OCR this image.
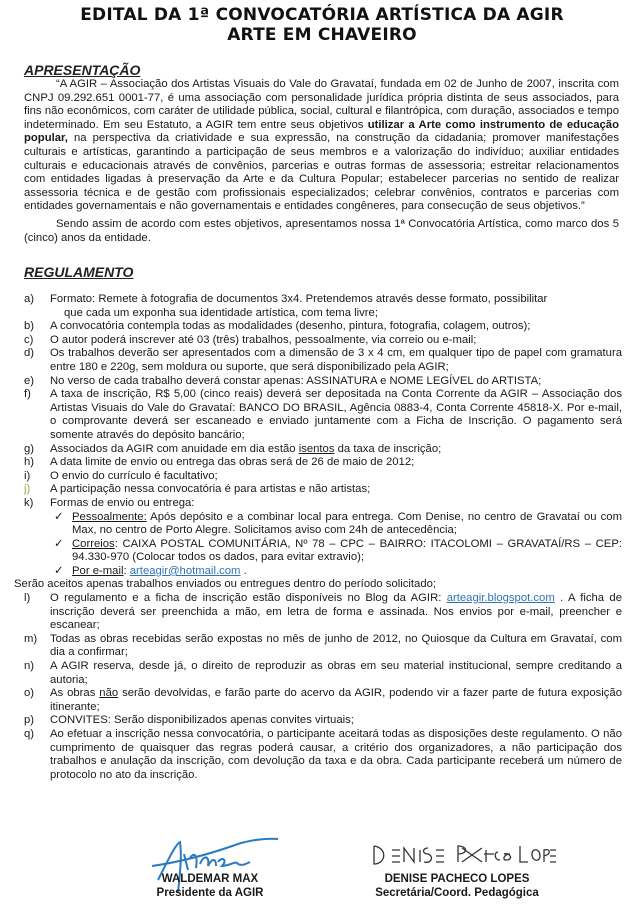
EDITAL DA 1ª CONVOCATÓRIA ARTÍSTICA DA AGIR
ARTE EM CHAVEIRO
APRESENTAÇÃO
“A AGIR – Associação dos Artistas Visuais do Vale do Gravataí, fundada em 02 de Junho de 2007, inscrita com CNPJ 09.292.651 0001-77, é uma associação com personalidade jurídica própria distinta de seus associados, para fins não econômicos, com caráter de utilidade pública, social, cultural e filantrópica, com duração, associados e tempo indeterminado. Em seu Estatuto, a AGIR tem entre seus objetivos utilizar a Arte como instrumento de educação popular, na perspectiva da criatividade e sua expressão, na construção da cidadania; promover manifestações culturais e artísticas, garantindo a participação de seus membros e a valorização do indivíduo; auxiliar entidades culturais e educacionais através de convênios, parcerias e outras formas de assessoria; estreitar relacionamentos com entidades ligadas à preservação da Arte e da Cultura Popular; estabelecer parcerias no sentido de realizar assessoria técnica e de gestão com profissionais especializados; celebrar convênios, contratos e parcerias com entidades governamentais e não governamentais e entidades congêneres, para consecução de seus objetivos.”
Sendo assim de acordo com estes objetivos, apresentamos nossa 1ª Convocatória Artística, como marco dos 5 (cinco) anos da entidade.
REGULAMENTO
a)	Formato: Remete à fotografia de documentos 3x4. Pretendemos através desse formato, possibilitar
que cada um exponha sua identidade artística, com tema livre;
b)	A convocatória contempla todas as modalidades (desenho, pintura, fotografia, colagem, outros);
c)	O autor poderá inscrever até 03 (três) trabalhos, pessoalmente, via correio ou e-mail;
d)	Os trabalhos deverão ser apresentados com a dimensão de 3 x 4 cm, em qualquer tipo de papel com gramatura entre 180 e 220g, sem moldura ou suporte, que será disponibilizado pela AGIR;
e)	No verso de cada trabalho deverá constar apenas: ASSINATURA e NOME LEGÍVEL do ARTISTA;
f)	A taxa de inscrição, R$ 5,00 (cinco reais) deverá ser depositada na Conta Corrente da AGIR – Associação dos Artistas Visuais do Vale do Gravataí: BANCO DO BRASIL, Agência 0883-4, Conta Corrente 45818-X. Por e-mail, o comprovante deverá ser escaneado e enviado juntamente com a Ficha de Inscrição. O pagamento será somente através do depósito bancário;
g)	Associados da AGIR com anuidade em dia estão isentos da taxa de inscrição;
h)	A data limite de envio ou entrega das obras será de 26 de maio de 2012;
i)	O envio do currículo é facultativo;
j)	A participação nessa convocatória é para artistas e não artistas;
k)	Formas de envio ou entrega:
✓ Pessoalmente: Após depósito e a combinar local para entrega. Com Denise, no centro de Gravataí ou com Max, no centro de Porto Alegre. Solicitamos aviso com 24h de antecedência;
✓ Correios: CAIXA POSTAL COMUNITÁRIA, Nº 78 – CPC – BAIRRO: ITACOLOMI – GRAVATAÍ/RS – CEP: 94.330-970 (Colocar todos os dados, para evitar extravio);
✓ Por e-mail: arteagir@hotmail.com .
Serão aceitos apenas trabalhos enviados ou entregues dentro do período solicitado;
l)	O regulamento e a ficha de inscrição estão disponíveis no Blog da AGIR: arteagir.blogspot.com . A ficha de inscrição deverá ser preenchida a mão, em letra de forma e assinada. Nos envios por e-mail, preencher e escanear;
m)	Todas as obras recebidas serão expostas no mês de junho de 2012, no Quiosque da Cultura em Gravataí, com dia a confirmar;
n)	A AGIR reserva, desde já, o direito de reproduzir as obras em seu material institucional, sempre creditando a autoria;
o)	As obras não serão devolvidas, e farão parte do acervo da AGIR, podendo vir a fazer parte de futura exposição itinerante;
p)	CONVITES: Serão disponibilizados apenas convites virtuais;
q)	Ao efetuar a inscrição nessa convocatória, o participante aceitará todas as disposições deste regulamento. O não cumprimento de quaisquer das regras poderá causar, a critério dos organizadores, a não participação dos trabalhos e anulação da inscrição, com devolução da taxa e da obra. Cada participante receberá um número de protocolo no ato da inscrição.
WALDEMAR MAX
Presidente da AGIR
DENISE PACHECO LOPES
Secretária/Coord. Pedagógica
